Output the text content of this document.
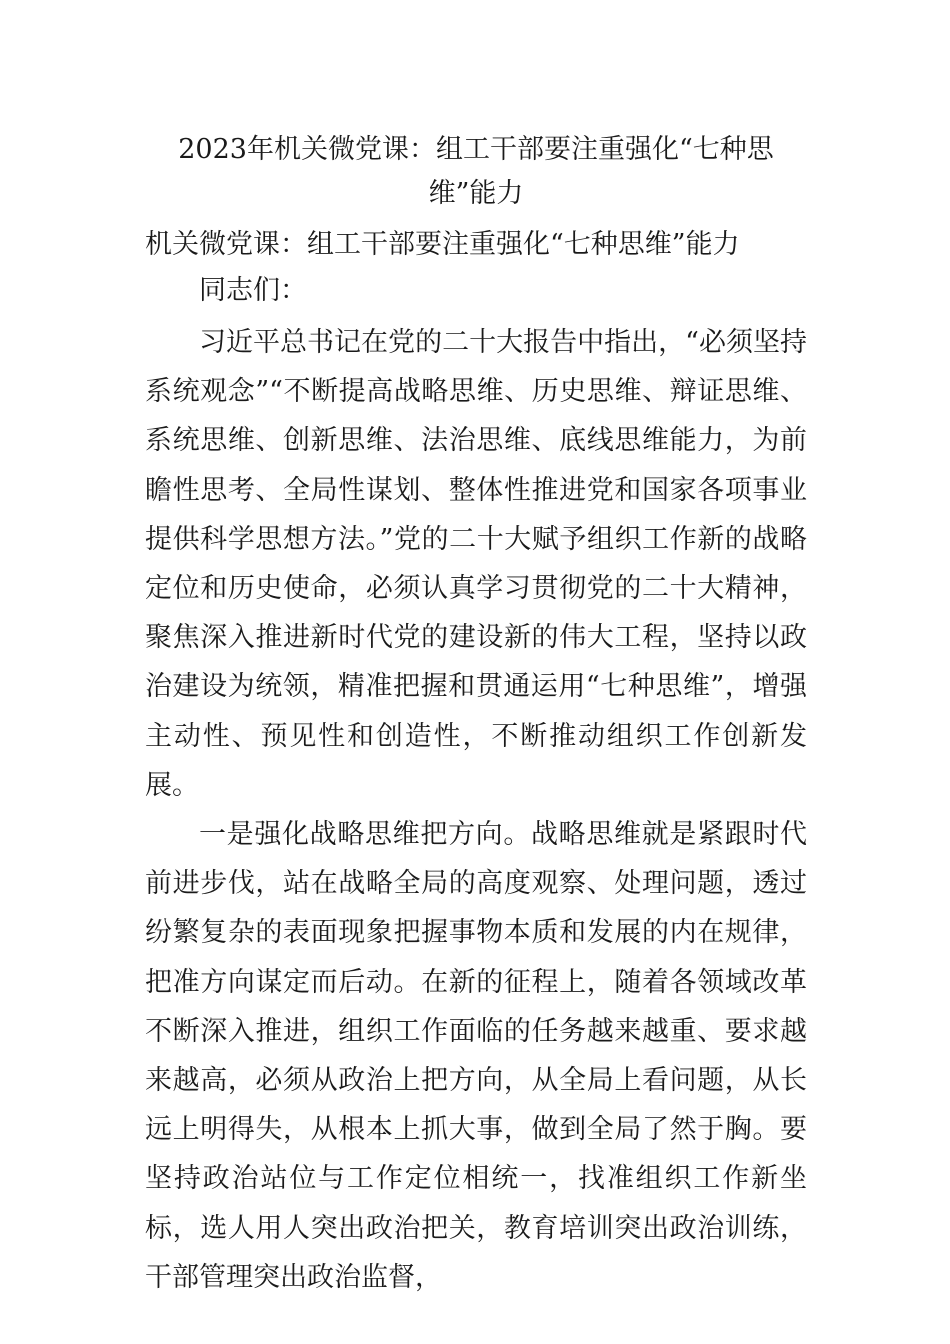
2023年机关微党课：组工干部要注重强化“七种思维”能力

机关微党课：组工干部要注重强化“七种思维”能力

同志们：

习近平总书记在党的二十大报告中指出，“必须坚持系统观念”“不断提高战略思维、历史思维、辩证思维、系统思维、创新思维、法治思维、底线思维能力，为前瞻性思考、全局性谋划、整体性推进党和国家各项事业提供科学思想方法。”党的二十大赋予组织工作新的战略定位和历史使命，必须认真学习贯彻党的二十大精神，聚焦深入推进新时代党的建设新的伟大工程，坚持以政治建设为统领，精准把握和贯通运用“七种思维”，增强主动性、预见性和创造性，不断推动组织工作创新发展。

一是强化战略思维把方向。战略思维就是紧跟时代前进步伐，站在战略全局的高度观察、处理问题，透过纷繁复杂的表面现象把握事物本质和发展的内在规律，把准方向谋定而后动。在新的征程上，随着各领域改革不断深入推进，组织工作面临的任务越来越重、要求越来越高，必须从政治上把方向，从全局上看问题，从长远上明得失，从根本上抓大事，做到全局了然于胸。要坚持政治站位与工作定位相统一，找准组织工作新坐标，选人用人突出政治把关，教育培训突出政治训练，干部管理突出政治监督，
